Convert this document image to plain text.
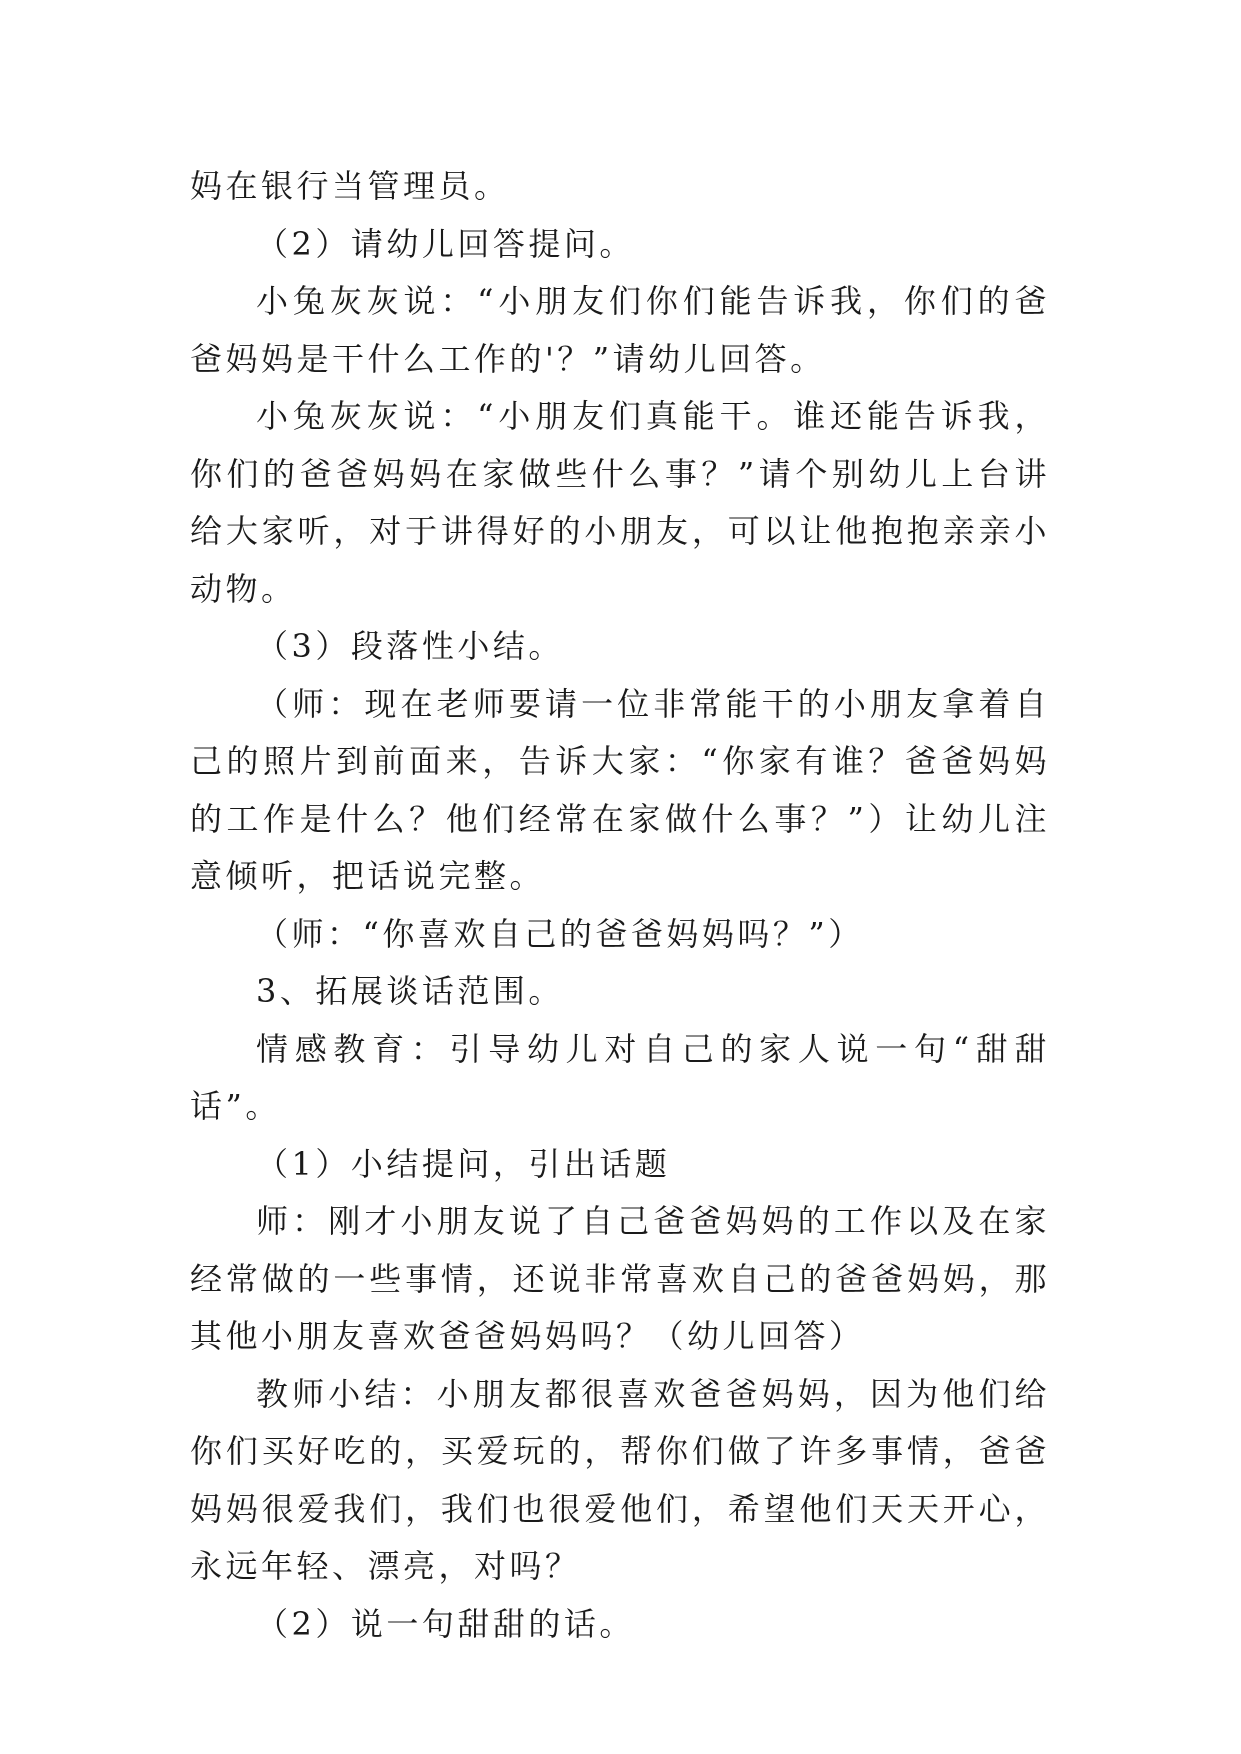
妈在银行当管理员。

（2）请幼儿回答提问。

小兔灰灰说：“小朋友们你们能告诉我，你们的爸爸妈妈是干什么工作的'？”请幼儿回答。

小兔灰灰说：“小朋友们真能干。谁还能告诉我，你们的爸爸妈妈在家做些什么事？”请个别幼儿上台讲给大家听，对于讲得好的小朋友，可以让他抱抱亲亲小动物。

（3）段落性小结。

（师：现在老师要请一位非常能干的小朋友拿着自己的照片到前面来，告诉大家：“你家有谁？爸爸妈妈的工作是什么？他们经常在家做什么事？”）让幼儿注意倾听，把话说完整。

（师：“你喜欢自己的爸爸妈妈吗？”）

3、拓展谈话范围。

情感教育：引导幼儿对自己的家人说一句“甜甜话”。

（1）小结提问，引出话题

师：刚才小朋友说了自己爸爸妈妈的工作以及在家经常做的一些事情，还说非常喜欢自己的爸爸妈妈，那其他小朋友喜欢爸爸妈妈吗？（幼儿回答）

教师小结：小朋友都很喜欢爸爸妈妈，因为他们给你们买好吃的，买爱玩的，帮你们做了许多事情，爸爸妈妈很爱我们，我们也很爱他们，希望他们天天开心，永远年轻、漂亮，对吗？

（2）说一句甜甜的话。
